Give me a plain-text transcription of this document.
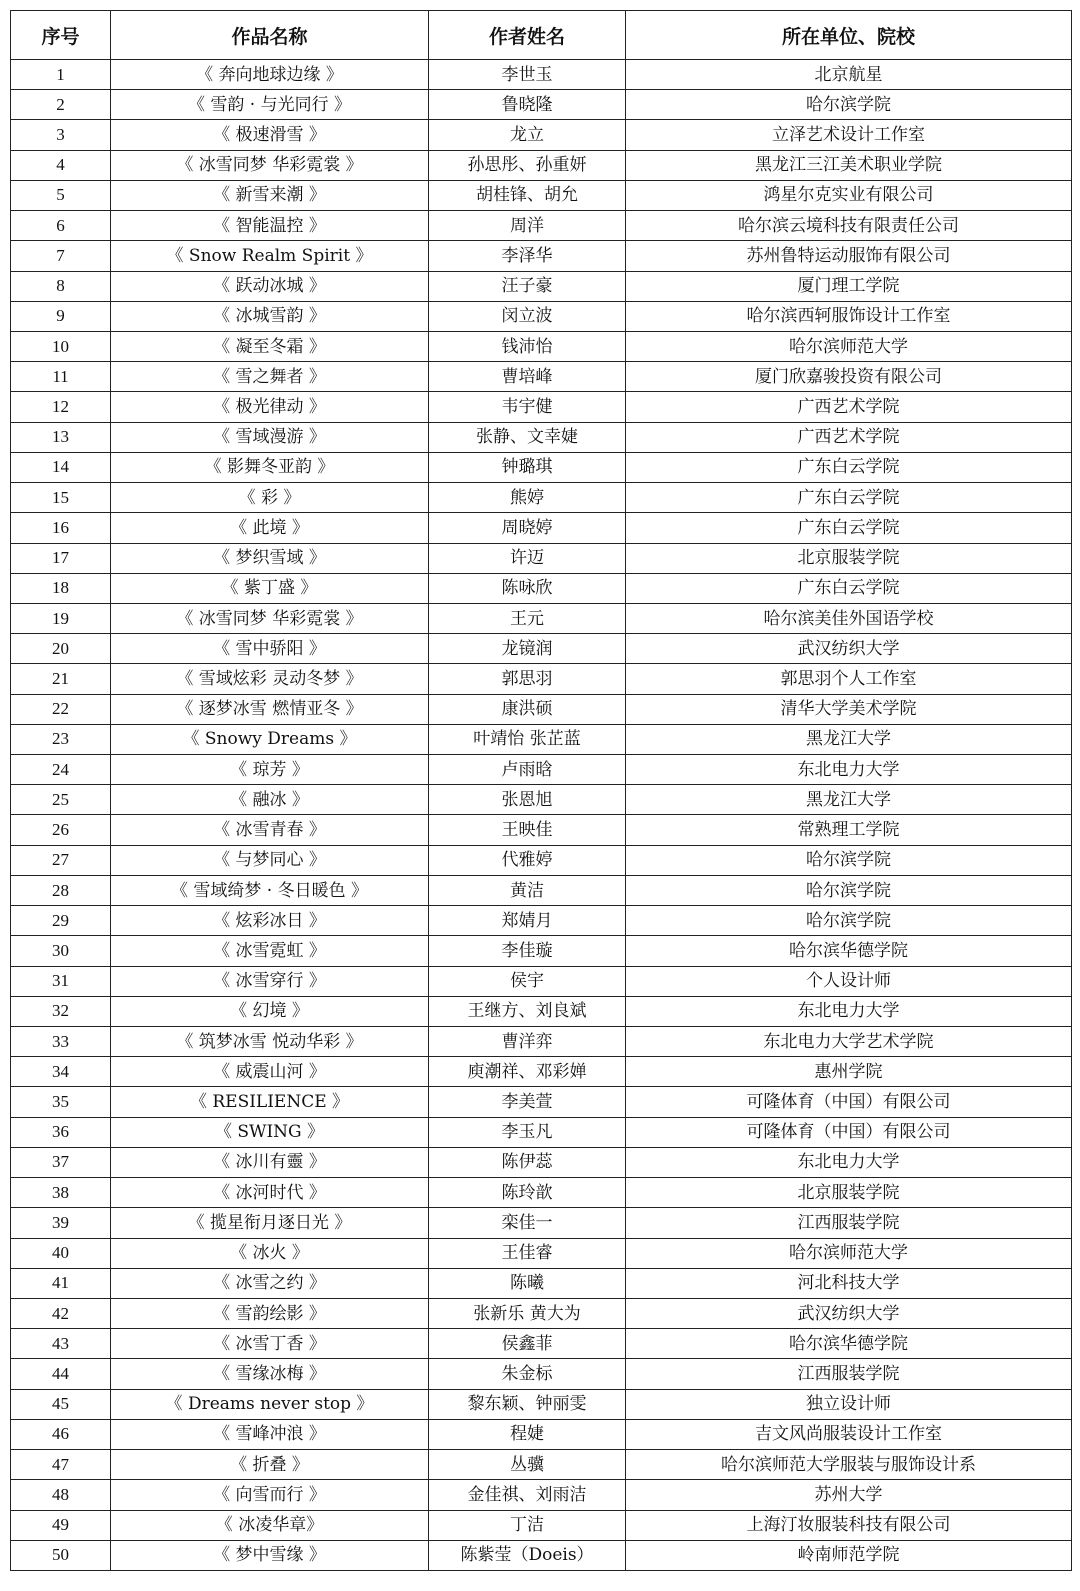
序号	作品名称	作者姓名	所在单位、院校
1	《 奔向地球边缘 》	李世玉	北京航星
2	《 雪韵 · 与光同行 》	鲁晓隆	哈尔滨学院
3	《 极速滑雪 》	龙立	立泽艺术设计工作室
4	《 冰雪同梦 华彩霓裳 》	孙思彤、孙重妍	黑龙江三江美术职业学院
5	《 新雪来潮 》	胡桂锋、胡允	鸿星尔克实业有限公司
6	《 智能温控 》	周洋	哈尔滨云境科技有限责任公司
7	《 Snow Realm Spirit 》	李泽华	苏州鲁特运动服饰有限公司
8	《 跃动冰城 》	汪子豪	厦门理工学院
9	《 冰城雪韵 》	闵立波	哈尔滨西轲服饰设计工作室
10	《 凝至冬霜 》	钱沛怡	哈尔滨师范大学
11	《 雪之舞者 》	曹培峰	厦门欣嘉骏投资有限公司
12	《 极光律动 》	韦宇健	广西艺术学院
13	《 雪域漫游 》	张静、文幸婕	广西艺术学院
14	《 影舞冬亚韵 》	钟璐琪	广东白云学院
15	《 彩 》	熊婷	广东白云学院
16	《 此境 》	周晓婷	广东白云学院
17	《 梦织雪域 》	许迈	北京服装学院
18	《 紫丁盛 》	陈咏欣	广东白云学院
19	《 冰雪同梦 华彩霓裳 》	王元	哈尔滨美佳外国语学校
20	《 雪中骄阳 》	龙镜润	武汉纺织大学
21	《 雪域炫彩 灵动冬梦 》	郭思羽	郭思羽个人工作室
22	《 逐梦冰雪 燃情亚冬 》	康洪硕	清华大学美术学院
23	《 Snowy Dreams 》	叶靖怡 张芷蓝	黑龙江大学
24	《 琼芳 》	卢雨晗	东北电力大学
25	《 融冰 》	张恩旭	黑龙江大学
26	《 冰雪青春 》	王映佳	常熟理工学院
27	《 与梦同心 》	代雅婷	哈尔滨学院
28	《 雪域绮梦 · 冬日暖色 》	黄洁	哈尔滨学院
29	《 炫彩冰日 》	郑婧月	哈尔滨学院
30	《 冰雪霓虹 》	李佳璇	哈尔滨华德学院
31	《 冰雪穿行 》	侯宇	个人设计师
32	《 幻境 》	王继方、刘良斌	东北电力大学
33	《 筑梦冰雪 悦动华彩 》	曹洋弈	东北电力大学艺术学院
34	《 威震山河 》	庾潮祥、邓彩婵	惠州学院
35	《 RESILIENCE 》	李美萱	可隆体育（中国）有限公司
36	《 SWING 》	李玉凡	可隆体育（中国）有限公司
37	《 冰川有靈 》	陈伊蕊	东北电力大学
38	《 冰河时代 》	陈玲歆	北京服装学院
39	《 揽星衔月逐日光 》	栾佳一	江西服装学院
40	《 冰火 》	王佳睿	哈尔滨师范大学
41	《 冰雪之约 》	陈曦	河北科技大学
42	《 雪韵绘影 》	张新乐 黄大为	武汉纺织大学
43	《 冰雪丁香 》	侯鑫菲	哈尔滨华德学院
44	《 雪缘冰梅 》	朱金标	江西服装学院
45	《 Dreams never stop 》	黎东颖、钟丽雯	独立设计师
46	《 雪峰冲浪 》	程婕	吉文风尚服装设计工作室
47	《 折叠 》	丛骥	哈尔滨师范大学服装与服饰设计系
48	《 向雪而行 》	金佳祺、刘雨洁	苏州大学
49	《 冰凌华章》	丁洁	上海汀妆服装科技有限公司
50	《 梦中雪缘 》	陈紫莹（Doeis）	岭南师范学院
